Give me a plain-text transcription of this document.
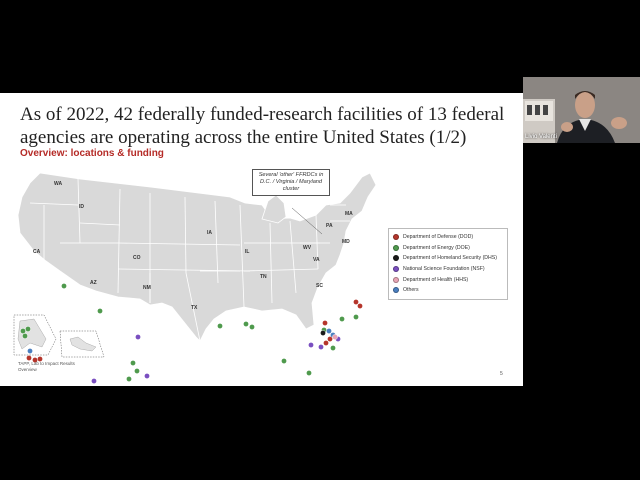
As of 2022, 42 federally funded-research facilities of 13 federal agencies are operating across the entire United States (1/2)

Overview: locations & funding

WA
ID
CA
CO
AZ
NM
TX
IA
IL
TN
SC
WV
VA
PA
MA
MD
Several 'other' FFRDCs in D.C. / Virginia / Maryland cluster
Department of Defense (DOD)
Department of Energy (DOE)
Department of Homeland Security (DHS)
National Science Foundation (NSF)
Department of Health (HHS)
Others
TAPP, Lab to Impact Results Overview
5
Livio Valenti
